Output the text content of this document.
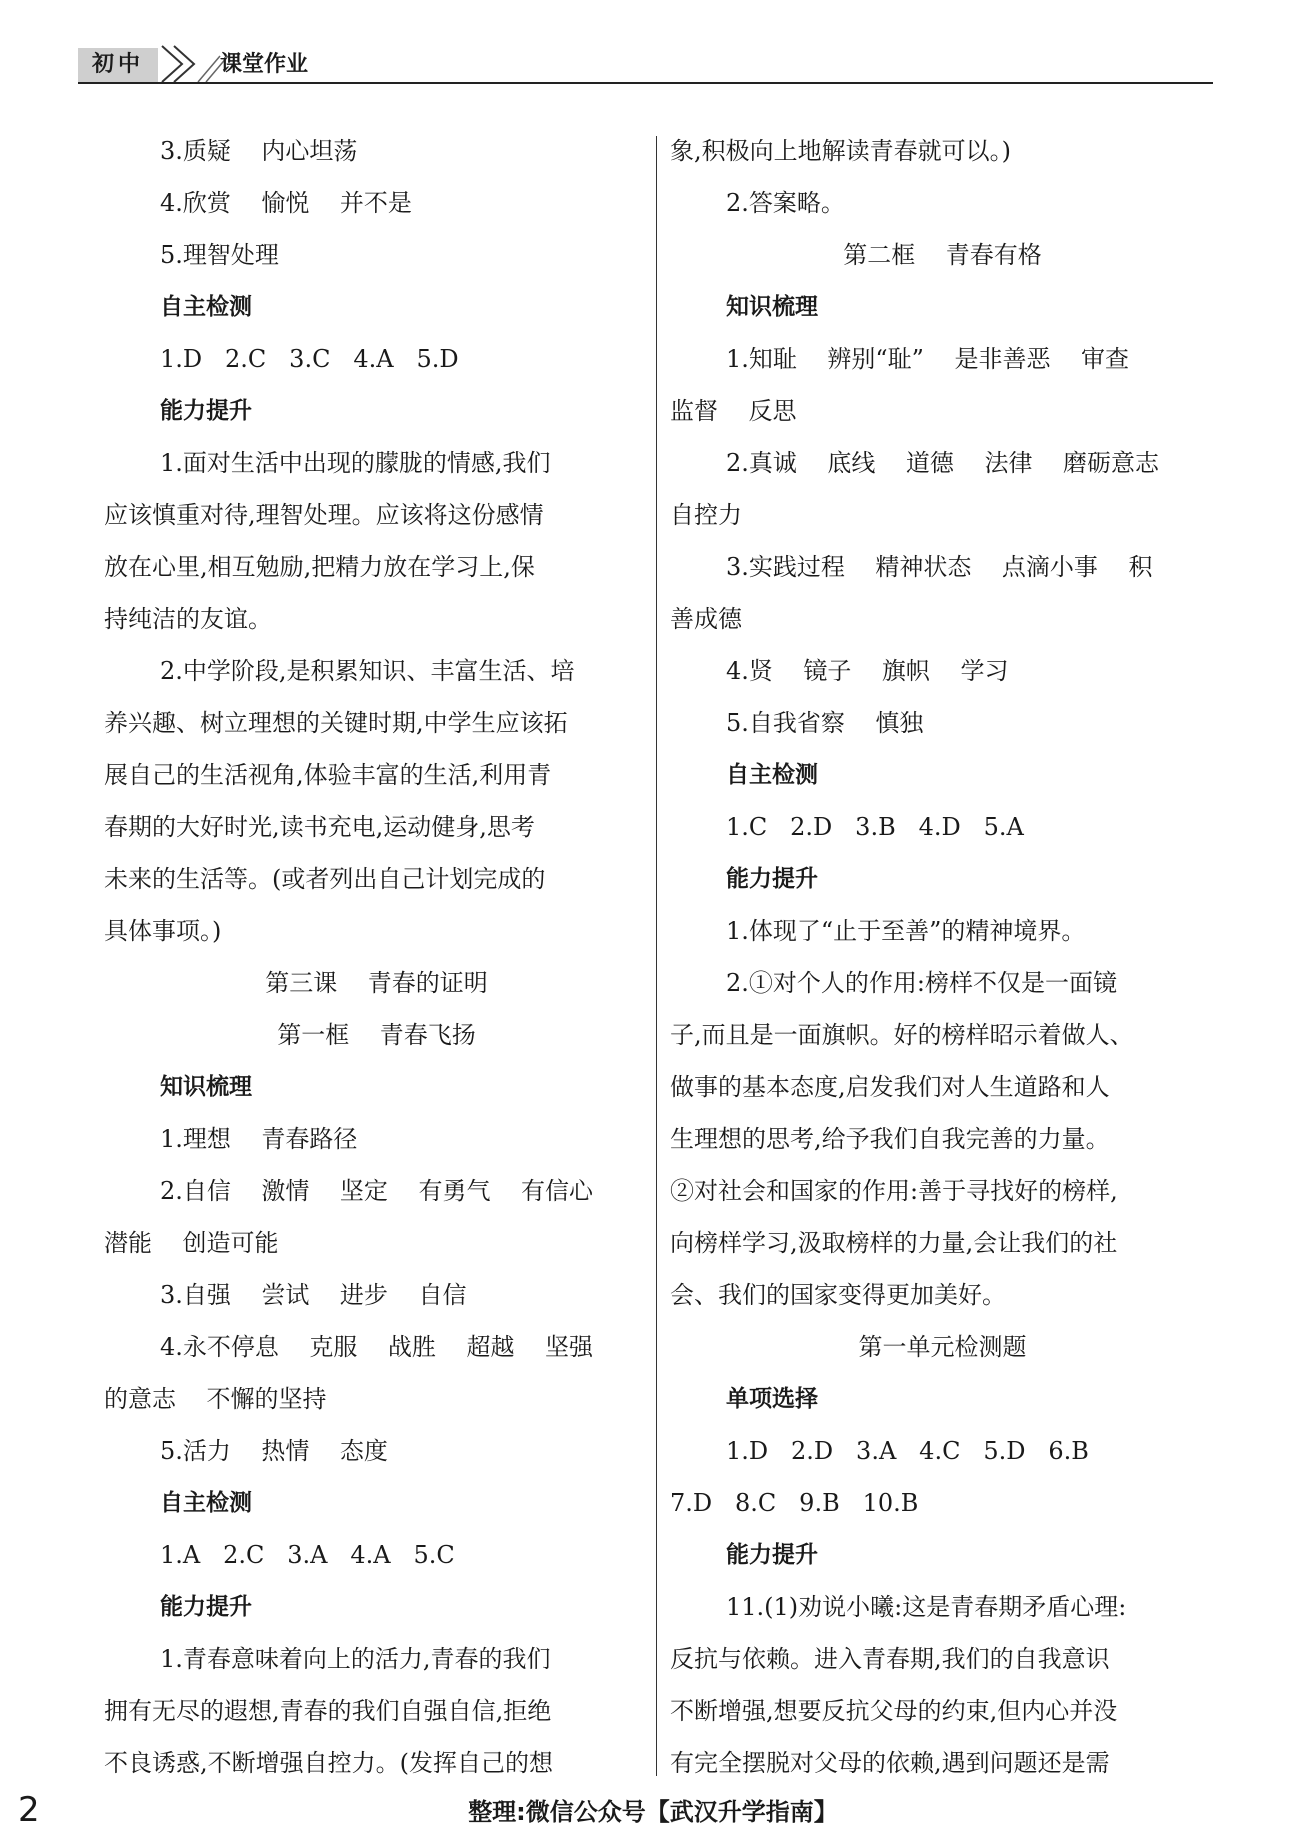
初中	课堂作业
3.质疑    内心坦荡
4.欣赏    愉悦    并不是
5.理智处理
自主检测
1.D   2.C   3.C   4.A   5.D
能力提升
1.面对生活中出现的朦胧的情感,我们
应该慎重对待,理智处理。应该将这份感情
放在心里,相互勉励,把精力放在学习上,保
持纯洁的友谊。
2.中学阶段,是积累知识、丰富生活、培
养兴趣、树立理想的关键时期,中学生应该拓
展自己的生活视角,体验丰富的生活,利用青
春期的大好时光,读书充电,运动健身,思考
未来的生活等。(或者列出自己计划完成的
具体事项。)
第三课    青春的证明
第一框    青春飞扬
知识梳理
1.理想    青春路径
2.自信    激情    坚定    有勇气    有信心
潜能    创造可能
3.自强    尝试    进步    自信
4.永不停息    克服    战胜    超越    坚强
的意志    不懈的坚持
5.活力    热情    态度
自主检测
1.A   2.C   3.A   4.A   5.C
能力提升
1.青春意味着向上的活力,青春的我们
拥有无尽的遐想,青春的我们自强自信,拒绝
不良诱惑,不断增强自控力。(发挥自己的想
象,积极向上地解读青春就可以。)
2.答案略。
第二框    青春有格
知识梳理
1.知耻    辨别“耻”    是非善恶    审查
监督    反思
2.真诚    底线    道德    法律    磨砺意志
自控力
3.实践过程    精神状态    点滴小事    积
善成德
4.贤    镜子    旗帜    学习
5.自我省察    慎独
自主检测
1.C   2.D   3.B   4.D   5.A
能力提升
1.体现了“止于至善”的精神境界。
2.①对个人的作用:榜样不仅是一面镜
子,而且是一面旗帜。好的榜样昭示着做人、
做事的基本态度,启发我们对人生道路和人
生理想的思考,给予我们自我完善的力量。
②对社会和国家的作用:善于寻找好的榜样,
向榜样学习,汲取榜样的力量,会让我们的社
会、我们的国家变得更加美好。
第一单元检测题
单项选择
1.D   2.D   3.A   4.C   5.D   6.B
7.D   8.C   9.B   10.B
能力提升
11.(1)劝说小曦:这是青春期矛盾心理:
反抗与依赖。进入青春期,我们的自我意识
不断增强,想要反抗父母的约束,但内心并没
有完全摆脱对父母的依赖,遇到问题还是需
2	整理:微信公众号【武汉升学指南】
